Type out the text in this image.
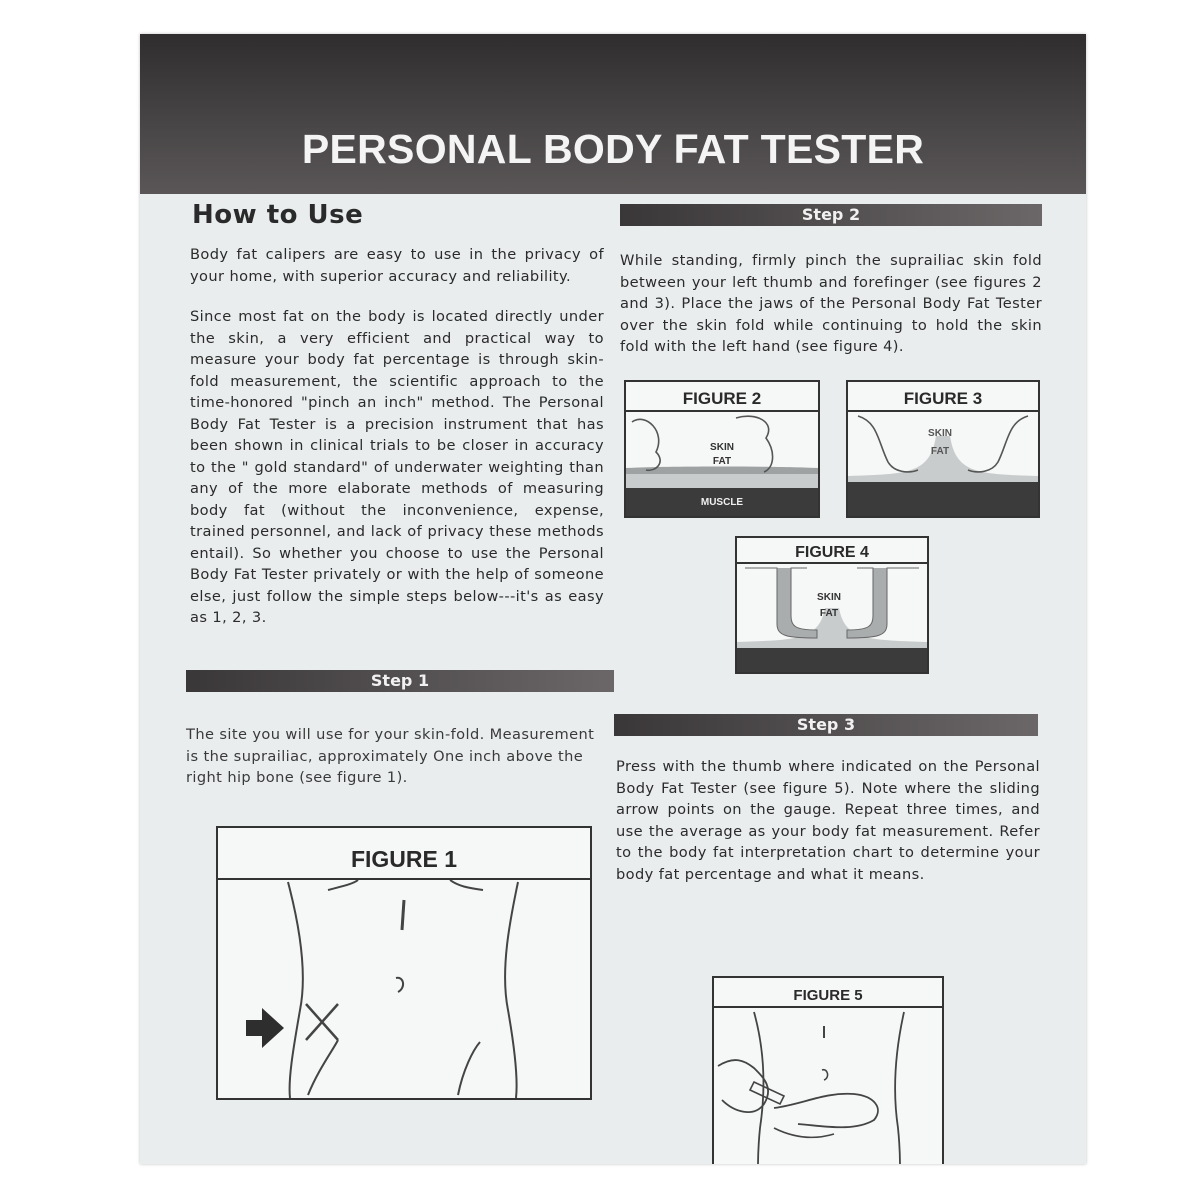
PERSONAL BODY FAT TESTER
How to Use

Body fat calipers are easy to use in the privacy of your home, with superior accuracy and reliability.

Since most fat on the body is located directly under the skin, a very efficient and practical way to measure your body fat percentage is through skin-fold measurement, the scientific approach to the time-honored "pinch an inch" method. The Personal Body Fat Tester is a precision instrument that has been shown in clinical trials to be closer in accuracy to the " gold standard" of underwater weighting than any of the more elaborate methods of measuring body fat (without the inconvenience, expense, trained personnel, and lack of privacy these methods entail). So whether you choose to use the Personal Body Fat Tester privately or with the help of someone else, just follow the simple steps below---it's as easy as 1, 2, 3.

Step 1

The site you will use for your skin-fold. Measurement is the suprailiac, approximately One inch above the right hip bone (see figure 1).

FIGURE 1
Step 2

While standing, firmly pinch the suprailiac skin fold between your left thumb and forefinger (see figures 2 and 3). Place the jaws of the Personal Body Fat Tester over the skin fold while continuing to hold the skin fold with the left hand (see figure 4).

FIGURE 2
SKIN
FAT
MUSCLE
FIGURE 3
SKIN
FAT
FIGURE 4
SKIN
FAT
Step 3

Press with the thumb where indicated on the Personal Body Fat Tester (see figure 5). Note where the sliding arrow points on the gauge. Repeat three times, and use the average as your body fat measurement. Refer to the body fat interpretation chart to determine your body fat percentage and what it means.

FIGURE 5
